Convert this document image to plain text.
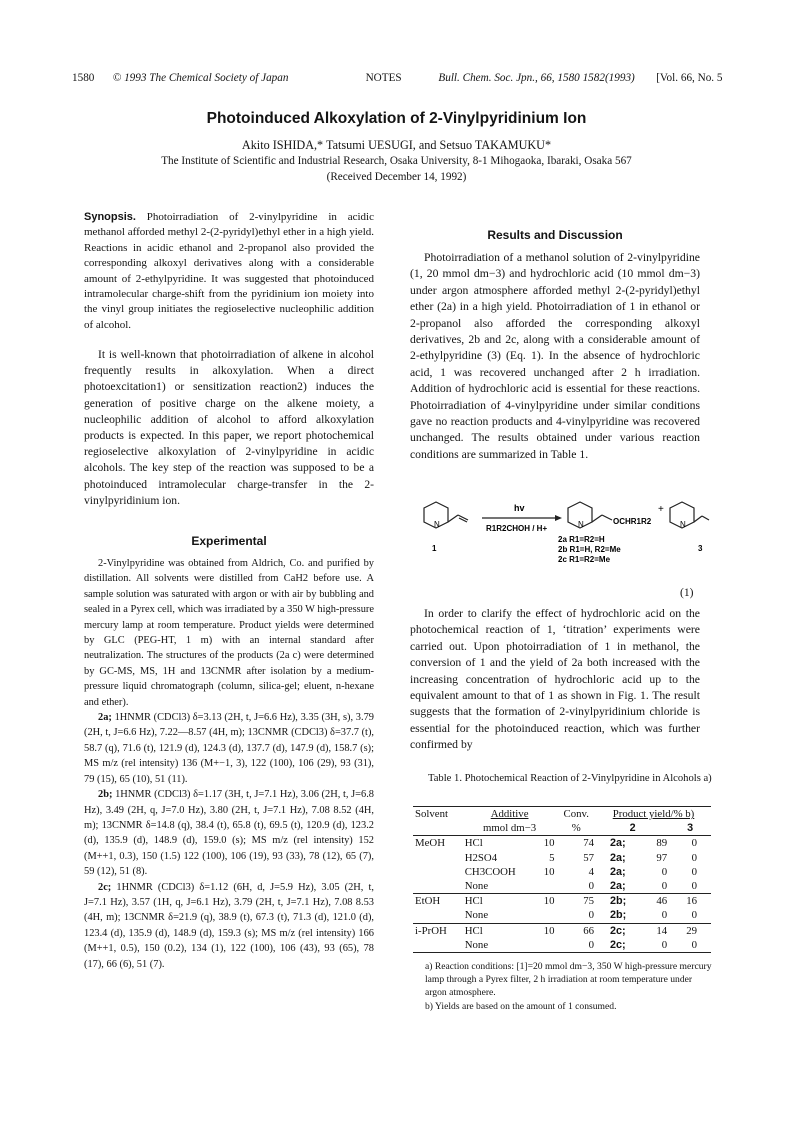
1580 © 1993 The Chemical Society of Japan	NOTES	Bull. Chem. Soc. Jpn., 66, 1580 1582(1993) [Vol. 66, No. 5
Photoinduced Alkoxylation of 2-Vinylpyridinium Ion
Akito ISHIDA,* Tatsumi UESUGI, and Setsuo TAKAMUKU*
The Institute of Scientific and Industrial Research, Osaka University, 8-1 Mihogaoka, Ibaraki, Osaka 567
(Received December 14, 1992)
Synopsis. Photoirradiation of 2-vinylpyridine in acidic methanol afforded methyl 2-(2-pyridyl)ethyl ether in a high yield. Reactions in acidic ethanol and 2-propanol also provided the corresponding alkoxyl derivatives along with a considerable amount of 2-ethylpyridine. It was suggested that photoinduced intramolecular charge-shift from the pyridinium ion moiety into the vinyl group initiates the regioselective nucleophilic addition of alcohol.
It is well-known that photoirradiation of alkene in alcohol frequently results in alkoxylation. When a direct photoexcitation1) or sensitization reaction2) induces the generation of positive charge on the alkene moiety, a nucleophilic addition of alcohol to afford alkoxylation products is expected. In this paper, we report photochemical regioselective alkoxylation of 2-vinylpyridine in acidic alcohols. The key step of the reaction was supposed to be a photoinduced intramolecular charge-transfer in the 2-vinylpyridinium ion.
Experimental

2-Vinylpyridine was obtained from Aldrich, Co. and purified by distillation. All solvents were distilled from CaH2 before use. A sample solution was saturated with argon or with air by bubbling and sealed in a Pyrex cell, which was irradiated by a 350 W high-pressure mercury lamp at room temperature. Product yields were determined by GLC (PEG-HT, 1 m) with an internal standard after neutralization. The structures of the products (2a c) were determined by GC-MS, MS, 1H and 13CNMR after isolation by a medium-pressure liquid chromatograph (column, silica-gel; eluent, n-hexane and ether).

2a; 1HNMR (CDCl3) δ=3.13 (2H, t, J=6.6 Hz), 3.35 (3H, s), 3.79 (2H, t, J=6.6 Hz), 7.22—8.57 (4H, m); 13CNMR (CDCl3) δ=37.7 (t), 58.7 (q), 71.6 (t), 121.9 (d), 124.3 (d), 137.7 (d), 147.9 (d), 158.7 (s); MS m/z (rel intensity) 136 (M+−1, 3), 122 (100), 106 (29), 93 (31), 79 (15), 65 (10), 51 (11).

2b; 1HNMR (CDCl3) δ=1.17 (3H, t, J=7.1 Hz), 3.06 (2H, t, J=6.8 Hz), 3.49 (2H, q, J=7.0 Hz), 3.80 (2H, t, J=7.1 Hz), 7.08 8.52 (4H, m); 13CNMR δ=14.8 (q), 38.4 (t), 65.8 (t), 69.5 (t), 120.9 (d), 123.2 (d), 135.9 (d), 148.9 (d), 159.0 (s); MS m/z (rel intensity) 152 (M++1, 0.3), 150 (1.5) 122 (100), 106 (19), 93 (33), 78 (12), 65 (7), 59 (12), 51 (8).

2c; 1HNMR (CDCl3) δ=1.12 (6H, d, J=5.9 Hz), 3.05 (2H, t, J=7.1 Hz), 3.57 (1H, q, J=6.1 Hz), 3.79 (2H, t, J=7.1 Hz), 7.08 8.53 (4H, m); 13CNMR δ=21.9 (q), 38.9 (t), 67.3 (t), 71.3 (d), 121.0 (d), 123.4 (d), 135.9 (d), 148.9 (d), 159.3 (s); MS m/z (rel intensity) 166 (M++1, 0.5), 150 (0.2), 134 (1), 122 (100), 106 (43), 93 (65), 78 (17), 66 (6), 51 (7).

Results and Discussion
Photoirradiation of a methanol solution of 2-vinylpyridine (1, 20 mmol dm−3) and hydrochloric acid (10 mmol dm−3) under argon atmosphere afforded methyl 2-(2-pyridyl)ethyl ether (2a) in a high yield. Photoirradiation of 1 in ethanol or 2-propanol also afforded the corresponding alkoxyl derivatives, 2b and 2c, along with a considerable amount of 2-ethylpyridine (3) (Eq. 1). In the absence of hydrochloric acid, 1 was recovered unchanged after 2 h irradiation. Addition of hydrochloric acid is essential for these reactions. Photoirradiation of 4-vinylpyridine under similar conditions gave no reaction products and 4-vinylpyridine was recovered unchanged. The results obtained under various reaction conditions are summarized in Table 1.
N
hv
R1R2CHOH / H+	N	OCHR1R2
+
N
1	3
2a R1=R2=H
2b R1=H, R2=Me
2c R1=R2=Me
(1)
In order to clarify the effect of hydrochloric acid on the photochemical reaction of 1, ‘titration’ experiments were carried out. Upon photoirradiation of 1 in methanol, the conversion of 1 and the yield of 2a both increased with the increasing concentration of hydrochloric acid up to the equivalent amount to that of 1 as shown in Fig. 1. The result suggests that the formation of 2-vinylpyridinium chloride is essential for the photoinduced reaction, which was further confirmed by
Table 1. Photochemical Reaction of 2-Vinylpyridine in Alcohols a)
Solvent	Additive		Conv.	Product yield/% b)		
	mmol dm−3		%	2		3
MeOH	HCl	10	74	2a;	89	0
	H2SO4	5	57	2a;	97	0
	CH3COOH	10	4	2a;	0	0
	None		0	2a;	0	0
EtOH	HCl	10	75	2b;	46	16
	None		0	2b;	0	0
i-PrOH	HCl	10	66	2c;	14	29
	None		0	2c;	0	0
a) Reaction conditions: [1]=20 mmol dm−3, 350 W high-pressure mercury lamp through a Pyrex filter, 2 h irradiation at room temperature under argon atmosphere.
b) Yields are based on the amount of 1 consumed.
